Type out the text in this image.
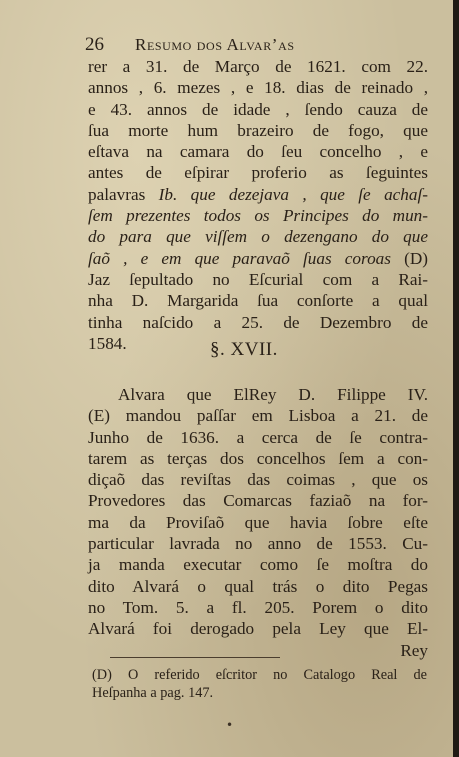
26	Resumo dos Alvar’as
rer a 31. de Março de 1621. com 22.
annos , 6. mezes , e 18. dias de reinado ,
e 43. annos de idade , ſendo cauza de
ſua morte hum brazeiro de fogo, que
eſtava na camara do ſeu concelho , e
antes de eſpirar proferio as ſeguintes
palavras Ib. que dezejava , que ſe achaſ-
ſem prezentes todos os Principes do mun-
do para que viſſem o dezengano do que
ſaõ , e em que paravaõ ſuas coroas (D)
Jaz ſepultado no Eſcurial com a Rai-
nha D. Margarida ſua conſorte a qual
tinha naſcido a 25. de Dezembro de
1584.	§. XVII.
Alvara que ElRey D. Filippe IV.
(E) mandou paſſar em Lisboa a 21. de
Junho de 1636. a cerca de ſe contra-
tarem as terças dos concelhos ſem a con-
diçaõ das reviſtas das coimas , que os
Provedores das Comarcas faziaõ na for-
ma da Proviſaõ que havia ſobre eſte
particular lavrada no anno de 1553. Cu-
ja manda executar como ſe moſtra do
dito Alvará o qual trás o dito Pegas
no Tom. 5. a fl. 205. Porem o dito
Alvará foi derogado pela Ley que El-
Rey
(D) O referido eſcritor no Catalogo Real de
Heſpanha a pag. 147.
•
